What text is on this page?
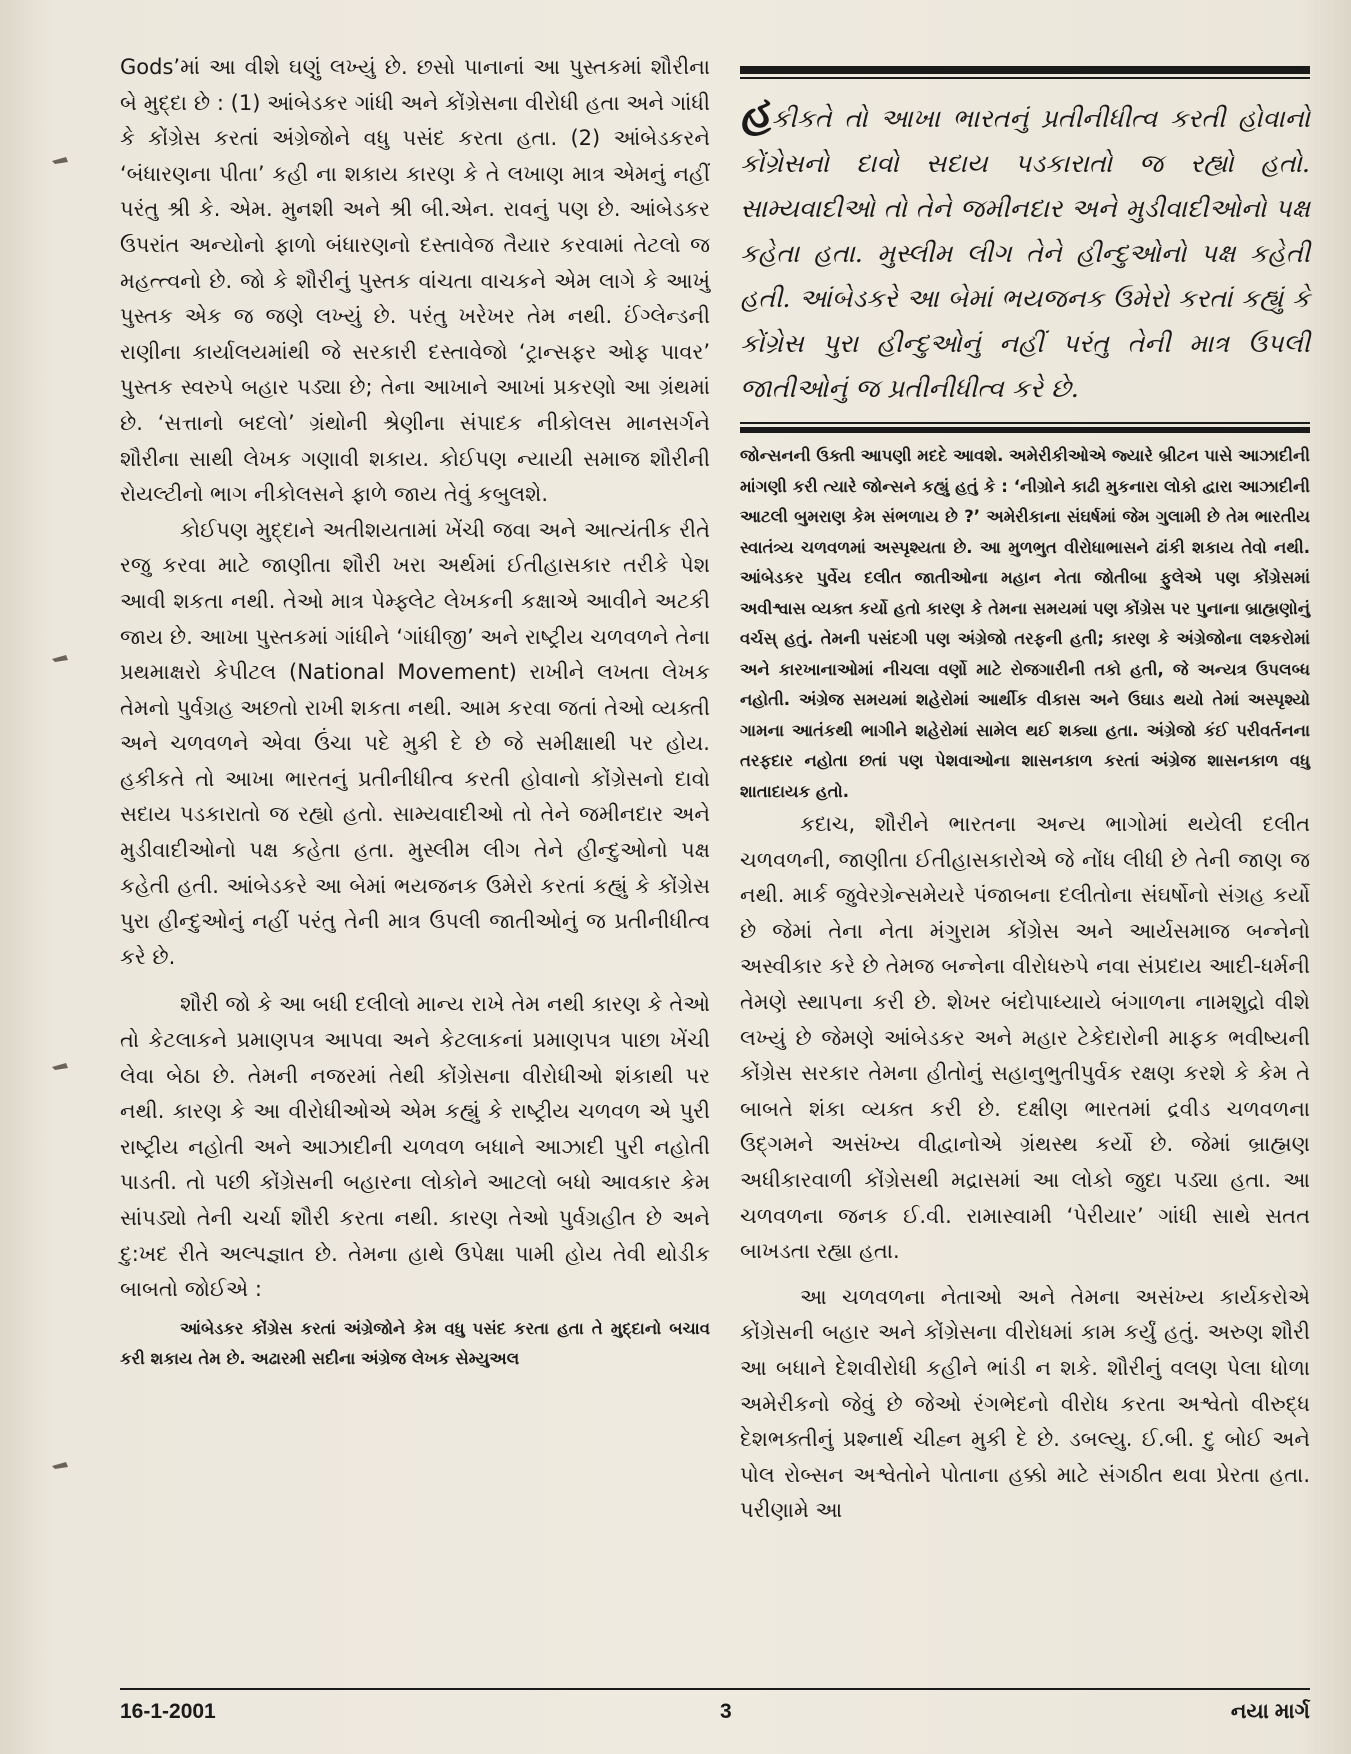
Gods’માં આ વીશે ઘણું લખ્યું છે. છસો પાનાનાં આ પુસ્તકમાં શૌરીના બે મુદ્દા છે : (1) આંબેડકર ગાંધી અને કોંગ્રેસના વીરોધી હતા અને ગાંધી કે કોંગ્રેસ કરતાં અંગ્રેજોને વધુ પસંદ કરતા હતા. (2) આંબેડકરને ‘બંધારણના પીતા’ કહી ના શકાય કારણ કે તે લખાણ માત્ર એમનું નહીં પરંતુ શ્રી કે. એમ. મુનશી અને શ્રી બી.એન. રાવનું પણ છે. આંબેડકર ઉપરાંત અન્યોનો ફાળો બંધારણનો દસ્તાવેજ તૈયાર કરવામાં તેટલો જ મહત્ત્વનો છે. જો કે શૌરીનું પુસ્તક વાંચતા વાચકને એમ લાગે કે આખું પુસ્તક એક જ જણે લખ્યું છે. પરંતુ ખરેખર તેમ નથી. ઈંગ્લેન્ડની રાણીના કાર્યાલયમાંથી જે સરકારી દસ્તાવેજો ‘ટ્રાન્સફર ઓફ પાવર’ પુસ્તક સ્વરુપે બહાર પડ્યા છે; તેના આખાને આખાં પ્રકરણો આ ગ્રંથમાં છે. ‘સત્તાનો બદલો’ ગ્રંથોની શ્રેણીના સંપાદક નીકોલસ માનસર્ગને શૌરીના સાથી લેખક ગણાવી શકાય. કોઈપણ ન્યાયી સમાજ શૌરીની રોયલ્ટીનો ભાગ નીકોલસને ફાળે જાય તેવું કબુલશે.

કોઈપણ મુદ્દાને અતીશયતામાં ખેંચી જવા અને આત્યંતીક રીતે રજુ કરવા માટે જાણીતા શૌરી ખરા અર્થમાં ઈતીહાસકાર તરીકે પેશ આવી શકતા નથી. તેઓ માત્ર પેમ્ફ્લેટ લેખકની કક્ષાએ આવીને અટકી જાય છે. આખા પુસ્તકમાં ગાંધીને ‘ગાંધીજી’ અને રાષ્ટ્રીય ચળવળને તેના પ્રથમાક્ષરો કેપીટલ (National Movement) રાખીને લખતા લેખક તેમનો પુર્વગ્રહ અછતો રાખી શકતા નથી. આમ કરવા જતાં તેઓ વ્યક્તી અને ચળવળને એવા ઉંચા પદે મુકી દે છે જે સમીક્ષાથી પર હોય. હકીકતે તો આખા ભારતનું પ્રતીનીધીત્વ કરતી હોવાનો કોંગ્રેસનો દાવો સદાય પડકારાતો જ રહ્યો હતો. સામ્યવાદીઓ તો તેને જમીનદાર અને મુડીવાદીઓનો પક્ષ કહેતા હતા. મુસ્લીમ લીગ તેને હીન્દુઓનો પક્ષ કહેતી હતી. આંબેડકરે આ બેમાં ભયજનક ઉમેરો કરતાં કહ્યું કે કોંગ્રેસ પુરા હીન્દુઓનું નહીં પરંતુ તેની માત્ર ઉપલી જાતીઓનું જ પ્રતીનીધીત્વ કરે છે.

શૌરી જો કે આ બધી દલીલો માન્ય રાખે તેમ નથી કારણ કે તેઓ તો કેટલાકને પ્રમાણપત્ર આપવા અને કેટલાકનાં પ્રમાણપત્ર પાછા ખેંચી લેવા બેઠા છે. તેમની નજરમાં તેથી કોંગ્રેસના વીરોધીઓ શંકાથી પર નથી. કારણ કે આ વીરોધીઓએ એમ કહ્યું કે રાષ્ટ્રીય ચળવળ એ પુરી રાષ્ટ્રીય નહોતી અને આઝાદીની ચળવળ બધાને આઝાદી પુરી નહોતી પાડતી. તો પછી કોંગ્રેસની બહારના લોકોને આટલો બધો આવકાર કેમ સાંપડ્યો તેની ચર્ચા શૌરી કરતા નથી. કારણ તેઓ પુર્વગ્રહીત છે અને દુ:ખદ રીતે અલ્પજ્ઞાત છે. તેમના હાથે ઉપેક્ષા પામી હોય તેવી થોડીક બાબતો જોઈએ :

આંબેડકર કોંગ્રેસ કરતાં અંગ્રેજોને કેમ વધુ પસંદ કરતા હતા તે મુદ્દાનો બચાવ કરી શકાય તેમ છે. અઢારમી સદીના અંગ્રેજ લેખક સેમ્યુઅલ

હકીકતે તો આખા ભારતનું પ્રતીનીધીત્વ કરતી હોવાનો કોંગ્રેસનો દાવો સદાય પડકારાતો જ રહ્યો હતો. સામ્યવાદીઓ તો તેને જમીનદાર અને મુડીવાદીઓનો પક્ષ કહેતા હતા. મુસ્લીમ લીગ તેને હીન્દુઓનો પક્ષ કહેતી હતી. આંબેડકરે આ બેમાં ભયજનક ઉમેરો કરતાં કહ્યું કે કોંગ્રેસ પુરા હીન્દુઓનું નહીં પરંતુ તેની માત્ર ઉપલી જાતીઓનું જ પ્રતીનીધીત્વ કરે છે.

જોન્સનની ઉક્તી આપણી મદદે આવશે. અમેરીકીઓએ જ્યારે બ્રીટન પાસે આઝાદીની માંગણી કરી ત્યારે જોન્સને કહ્યું હતું કે : ‘નીગ્રોને કાઢી મુકનારા લોકો દ્વારા આઝાદીની આટલી બુમરાણ કેમ સંભળાય છે ?’ અમેરીકાના સંઘર્ષમાં જેમ ગુલામી છે તેમ ભારતીય સ્વાતંત્ર્ય ચળવળમાં અસ્પૃશ્યતા છે. આ મુળભુત વીરોધાભાસને ઢાંકી શકાય તેવો નથી. આંબેડકર પુર્વેય દલીત જાતીઓના મહાન નેતા જોતીબા ફુલેએ પણ કોંગ્રેસમાં અવીશ્વાસ વ્યક્ત કર્યો હતો કારણ કે તેમના સમયમાં પણ કોંગ્રેસ પર પુનાના બ્રાહ્મણોનું વર્ચસ્ હતું. તેમની પસંદગી પણ અંગ્રેજો તરફની હતી; કારણ કે અંગ્રેજોના લશ્કરોમાં અને કારખાનાઓમાં નીચલા વર્ણો માટે રોજગારીની તકો હતી, જે અન્યત્ર ઉપલબ્ધ નહોતી. અંગ્રેજ સમયમાં શહેરોમાં આર્થીક વીકાસ અને ઉઘાડ થયો તેમાં અસ્પૃશ્યો ગામના આતંકથી ભાગીને શહેરોમાં સામેલ થઈ શક્યા હતા. અંગ્રેજો કંઈ પરીવર્તનના તરફદાર નહોતા છતાં પણ પેશવાઓના શાસનકાળ કરતાં અંગ્રેજ શાસનકાળ વધુ શાતાદાયક હતો.

કદાચ, શૌરીને ભારતના અન્ય ભાગોમાં થયેલી દલીત ચળવળની, જાણીતા ઈતીહાસકારોએ જે નોંધ લીધી છે તેની જાણ જ નથી. માર્ક જુવેરગ્રેન્સમેયરે પંજાબના દલીતોના સંઘર્ષોનો સંગ્રહ કર્યો છે જેમાં તેના નેતા મંગુરામ કોંગ્રેસ અને આર્યસમાજ બન્નેનો અસ્વીકાર કરે છે તેમજ બન્નેના વીરોધરુપે નવા સંપ્રદાય આદી-ધર્મની તેમણે સ્થાપના કરી છે. શેખર બંદોપાધ્યાયે બંગાળના નામશુદ્રો વીશે લખ્યું છે જેમણે આંબેડકર અને મહાર ટેકેદારોની માફક ભવીષ્યની કોંગ્રેસ સરકાર તેમના હીતોનું સહાનુભુતીપુર્વક રક્ષણ કરશે કે કેમ તે બાબતે શંકા વ્યક્ત કરી છે. દક્ષીણ ભારતમાં દ્રવીડ ચળવળના ઉદ્ગમને અસંખ્ય વીદ્વાનોએ ગ્રંથસ્થ કર્યો છે. જેમાં બ્રાહ્મણ અધીકારવાળી કોંગ્રેસથી મદ્રાસમાં આ લોકો જુદા પડ્યા હતા. આ ચળવળના જનક ઈ.વી. રામાસ્વામી ‘પેરીયાર’ ગાંધી સાથે સતત બાખડતા રહ્યા હતા.

આ ચળવળના નેતાઓ અને તેમના અસંખ્ય કાર્યકરોએ કોંગ્રેસની બહાર અને કોંગ્રેસના વીરોધમાં કામ કર્યું હતું. અરુણ શૌરી આ બધાને દેશવીરોધી કહીને ભાંડી ન શકે. શૌરીનું વલણ પેલા ધોળા અમેરીકનો જેવું છે જેઓ રંગભેદનો વીરોધ કરતા અશ્વેતો વીરુદ્ધ દેશભક્તીનું પ્રશ્નાર્થ ચીહ્ન મુકી દે છે. ડબલ્યુ. ઈ.બી. દુ બોઈ અને પોલ રોબ્સન અશ્વેતોને પોતાના હક્કો માટે સંગઠીત થવા પ્રેરતા હતા. પરીણામે આ

16-1-2001	3	નયા માર્ગ
